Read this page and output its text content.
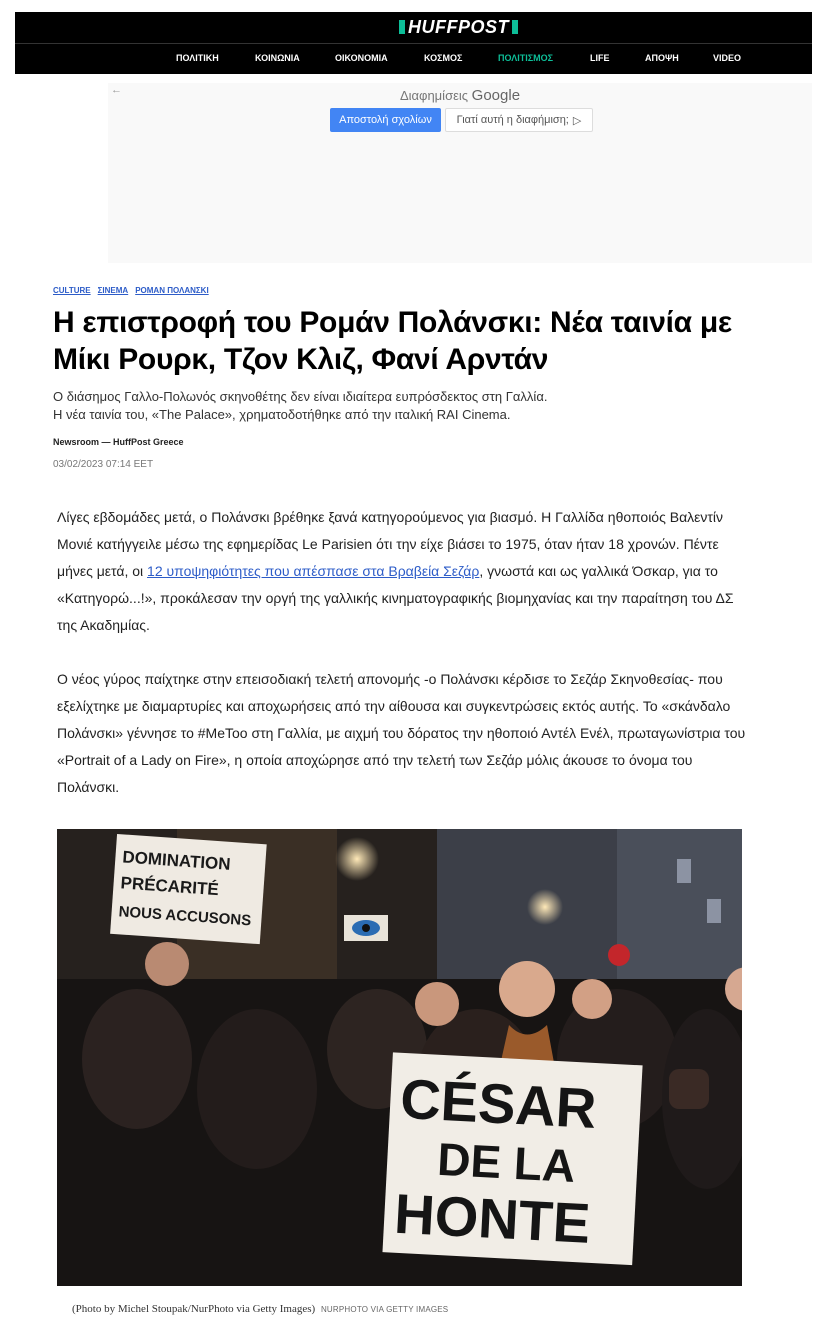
HUFFPOST
ΠΟΛΙΤΙΚΗ	ΚΟΙΝΩΝΙΑ	ΟΙΚΟΝΟΜΙΑ	ΚΟΣΜΟΣ	ΠΟΛΙΤΙΣΜΟΣ	LIFE	ΑΠΟΨΗ	VIDEO
←	Διαφημίσεις Google
Αποστολή σχολίων	Γιατί αυτή η διαφήμιση; ▷
CULTURE ΣΙΝΕΜΑ ΡΟΜΑΝ ΠΟΛΑΝΣΚΙ
Η επιστροφή του Ρομάν Πολάνσκι: Νέα ταινία με Μίκι Ρουρκ, Τζον Κλιζ, Φανί Αρντάν
Ο διάσημος Γαλλο-Πολωνός σκηνοθέτης δεν είναι ιδιαίτερα ευπρόσδεκτος στη Γαλλία.
Η νέα ταινία του, «The Palace», χρηματοδοτήθηκε από την ιταλική RAI Cinema.
Newsroom — HuffPost Greece
03/02/2023 07:14 EET

Λίγες εβδομάδες μετά, ο Πολάνσκι βρέθηκε ξανά κατηγορούμενος για βιασμό. Η Γαλλίδα ηθοποιός Βαλεντίν Μονιέ κατήγγειλε μέσω της εφημερίδας Le Parisien ότι την είχε βιάσει το 1975, όταν ήταν 18 χρονών. Πέντε μήνες μετά, οι 12 υποψηφιότητες που απέσπασε στα Βραβεία Σεζάρ, γνωστά και ως γαλλικά Όσκαρ, για το «Κατηγορώ...!», προκάλεσαν την οργή της γαλλικής κινηματογραφικής βιομηχανίας και την παραίτηση του ΔΣ της Ακαδημίας.

Ο νέος γύρος παίχτηκε στην επεισοδιακή τελετή απονομής -ο Πολάνσκι κέρδισε το Σεζάρ Σκηνοθεσίας- που εξελίχτηκε με διαμαρτυρίες και αποχωρήσεις από την αίθουσα και συγκεντρώσεις εκτός αυτής. Το «σκάνδαλο Πολάνσκι» γέννησε το #MeToo στη Γαλλία, με αιχμή του δόρατος την ηθοποιό Αντέλ Ενέλ, πρωταγωνίστρια του «Portrait of a Lady on Fire», η οποία αποχώρησε από την τελετή των Σεζάρ μόλις άκουσε το όνομα του Πολάνσκι.

DOMINATION
PRÉCARITÉ
NOUS ACCUSONS
CÉSAR
DE LA
HONTE
(Photo by Michel Stoupak/NurPhoto via Getty Images) NURPHOTO VIA GETTY IMAGES
